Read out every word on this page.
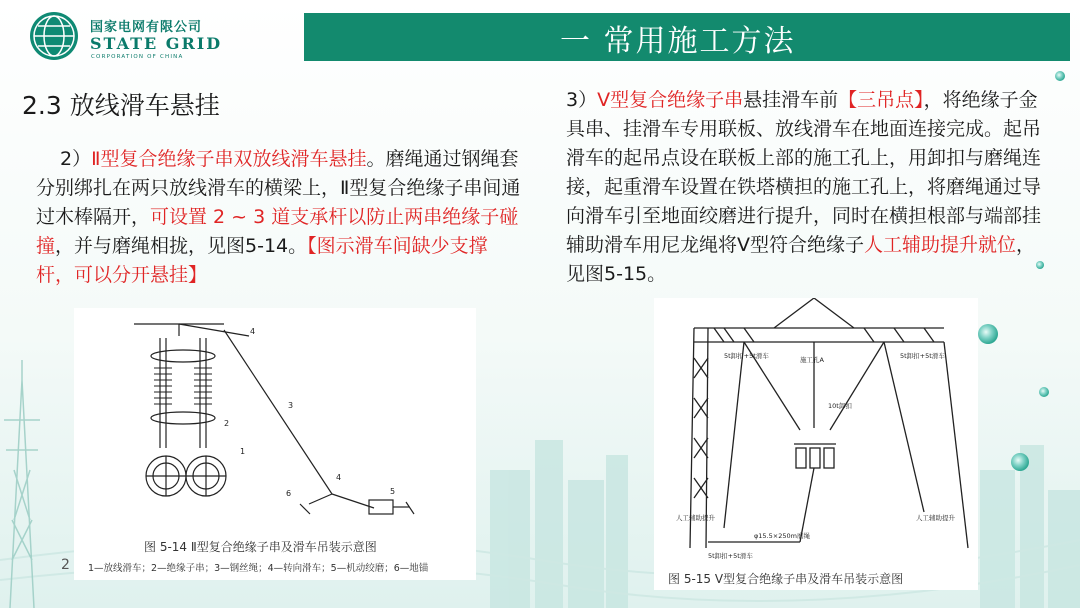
国家电网有限公司
STATE GRID
CORPORATION OF CHINA	一 常用施工方法
2.3 放线滑车悬挂
2）Ⅱ型复合绝缘子串双放线滑车悬挂。磨绳通过钢绳套分别绑扎在两只放线滑车的横梁上，Ⅱ型复合绝缘子串间通过木棒隔开，可设置 2 ~ 3 道支承杆以防止两串绝缘子碰撞，并与磨绳相拢，见图5-14。【图示滑车间缺少支撑杆，可以分开悬挂】
3）Ⅴ型复合绝缘子串悬挂滑车前【三吊点】，将绝缘子金具串、挂滑车专用联板、放线滑车在地面连接完成。起吊滑车的起吊点设在联板上部的施工孔上，用卸扣与磨绳连接，起重滑车设置在铁塔横担的施工孔上，将磨绳通过导向滑车引至地面绞磨进行提升，同时在横担根部与端部挂辅助滑车用尼龙绳将Ⅴ型符合绝缘子人工辅助提升就位，见图5-15。
4
3
2
1
4
6	5
图 5-14 Ⅱ型复合绝缘子串及滑车吊装示意图
1—放线滑车；2—绝缘子串；3—钢丝绳；4—转向滑车；5—机动绞磨；6—地锚
2
5t卸扣+5t滑车	施工孔A	5t卸扣+5t滑车
10t卸扣
人工辅助提升	人工辅助提升
φ15.5×250m磨绳
5t卸扣+5t滑车
图 5-15 Ⅴ型复合绝缘子串及滑车吊装示意图
